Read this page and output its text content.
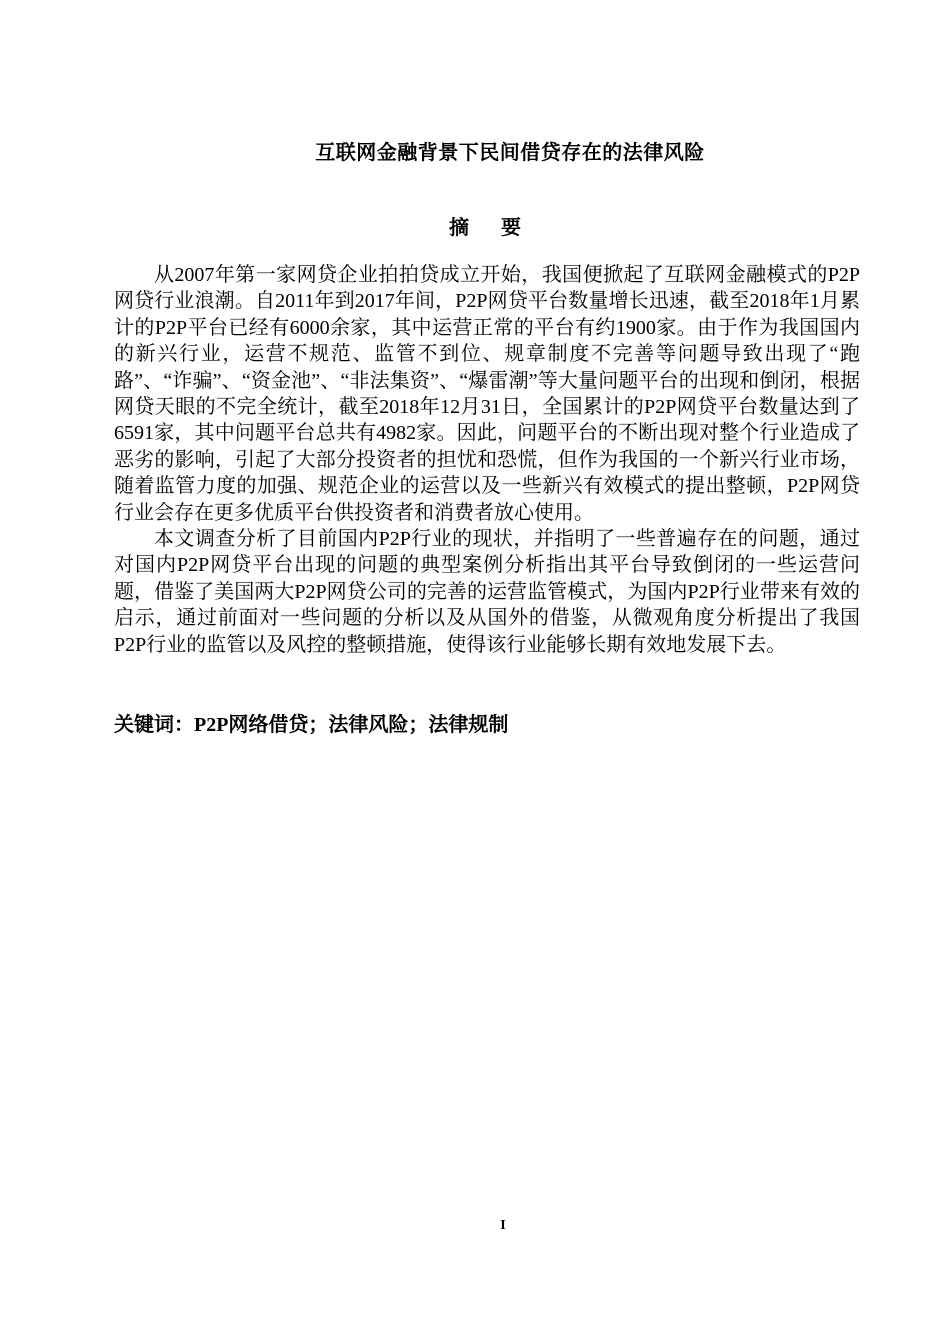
互联网金融背景下民间借贷存在的法律风险
摘 要

从2007年第一家网贷企业拍拍贷成立开始，我国便掀起了互联网金融模式的P2P网贷行业浪潮。自2011年到2017年间，P2P网贷平台数量增长迅速，截至2018年1月累计的P2P平台已经有6000余家，其中运营正常的平台有约1900家。由于作为我国国内的新兴行业，运营不规范、监管不到位、规章制度不完善等问题导致出现了“跑路”、“诈骗”、“资金池”、“非法集资”、“爆雷潮”等大量问题平台的出现和倒闭，根据网贷天眼的不完全统计，截至2018年12月31日，全国累计的P2P网贷平台数量达到了6591家，其中问题平台总共有4982家。因此，问题平台的不断出现对整个行业造成了恶劣的影响，引起了大部分投资者的担忧和恐慌，但作为我国的一个新兴行业市场，随着监管力度的加强、规范企业的运营以及一些新兴有效模式的提出整顿，P2P网贷行业会存在更多优质平台供投资者和消费者放心使用。

本文调查分析了目前国内P2P行业的现状，并指明了一些普遍存在的问题，通过对国内P2P网贷平台出现的问题的典型案例分析指出其平台导致倒闭的一些运营问题，借鉴了美国两大P2P网贷公司的完善的运营监管模式，为国内P2P行业带来有效的启示，通过前面对一些问题的分析以及从国外的借鉴，从微观角度分析提出了我国P2P行业的监管以及风控的整顿措施，使得该行业能够长期有效地发展下去。

关键词：P2P网络借贷；法律风险；法律规制

I
